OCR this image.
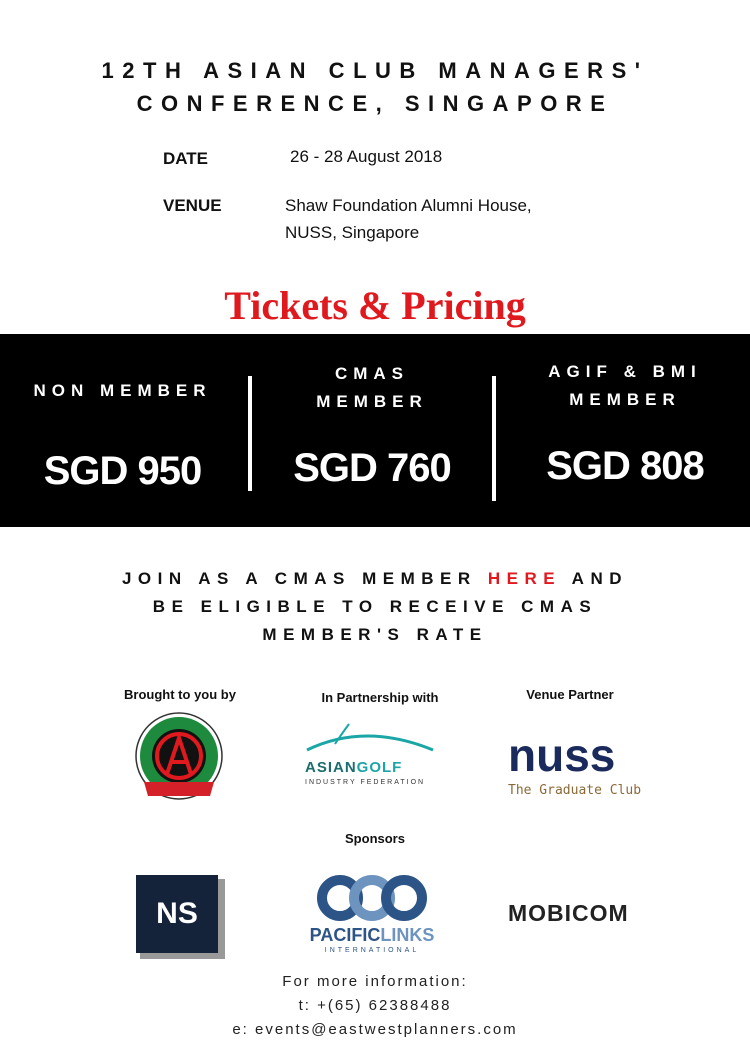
12TH ASIAN CLUB MANAGERS'
CONFERENCE, SINGAPORE
DATE	26 - 28 August 2018
VENUE	Shaw Foundation Alumni House,
NUSS, Singapore
Tickets & Pricing
NON MEMBER
SGD 950
CMAS
MEMBER
SGD 760
AGIF & BMI
MEMBER
SGD 808
JOIN AS A CMAS MEMBER HERE AND
BE ELIGIBLE TO RECEIVE CMAS
MEMBER'S RATE
Brought to you by	In Partnership with	Venue Partner
ASIANGOLF
INDUSTRY FEDERATION
nuss
The Graduate Club
Sponsors
NS
PACIFICLINKS
INTERNATIONAL
MOBICOM
For more information:
t: +(65) 62388488
e: events@eastwestplanners.com
